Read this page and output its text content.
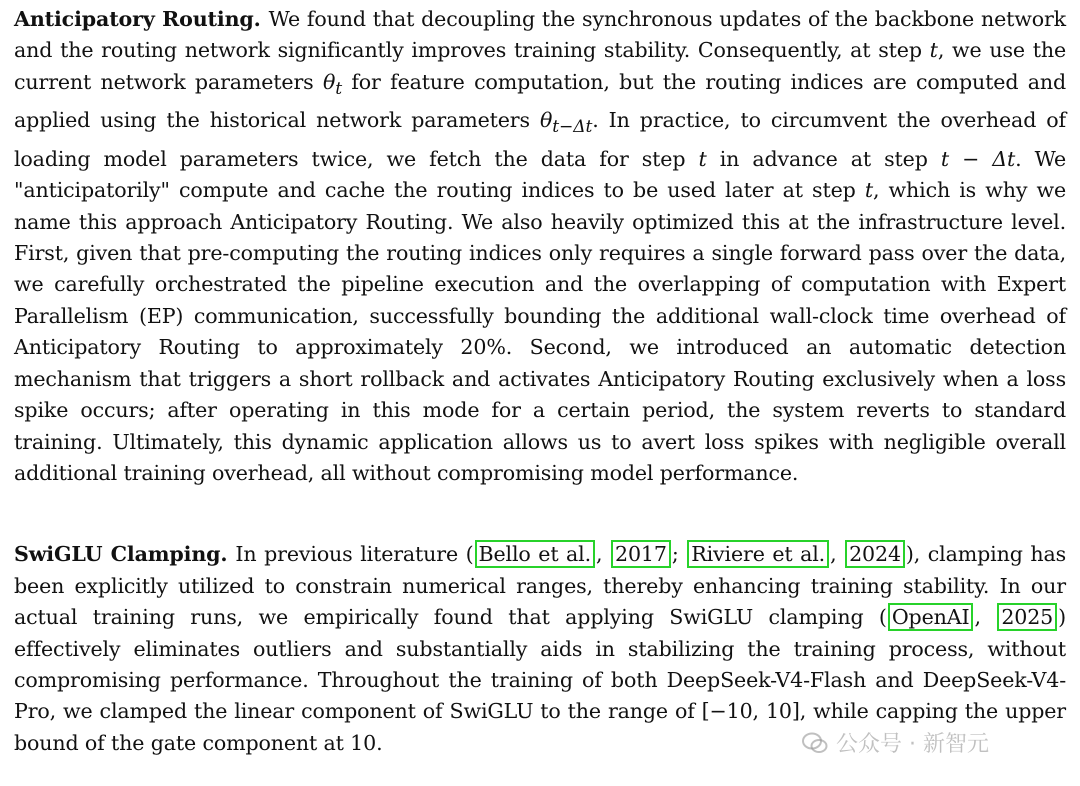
Anticipatory Routing. We found that decoupling the synchronous updates of the backbone network and the routing network significantly improves training stability. Consequently, at step t, we use the current network parameters $\theta_t$ for feature computation, but the routing indices are computed and applied using the historical network parameters $\theta_{t-\Delta t}$. In practice, to circumvent the overhead of loading model parameters twice, we fetch the data for step t in advance at step t − Δt. We "anticipatorily" compute and cache the routing indices to be used later at step t, which is why we name this approach Anticipatory Routing. We also heavily optimized this at the infrastructure level. First, given that pre-computing the routing indices only requires a single forward pass over the data, we carefully orchestrated the pipeline execution and the overlapping of computation with Expert Parallelism (EP) communication, successfully bounding the additional wall-clock time overhead of Anticipatory Routing to approximately 20%. Second, we introduced an automatic detection mechanism that triggers a short rollback and activates Anticipatory Routing exclusively when a loss spike occurs; after operating in this mode for a certain period, the system reverts to standard training. Ultimately, this dynamic application allows us to avert loss spikes with negligible overall additional training overhead, all without compromising model performance.

SwiGLU Clamping. In previous literature ( Bello et al. , 2017 ; Riviere et al. , 2024 ), clamping has been explicitly utilized to constrain numerical ranges, thereby enhancing training stability. In our actual training runs, we empirically found that applying SwiGLU clamping ( OpenAI , 2025 ) effectively eliminates outliers and substantially aids in stabilizing the training process, without compromising performance. Throughout the training of both DeepSeek-V4-Flash and DeepSeek-V4-Pro, we clamped the linear component of SwiGLU to the range of [−10, 10], while capping the upper bound of the gate component at 10.	公众号 · 新智元
